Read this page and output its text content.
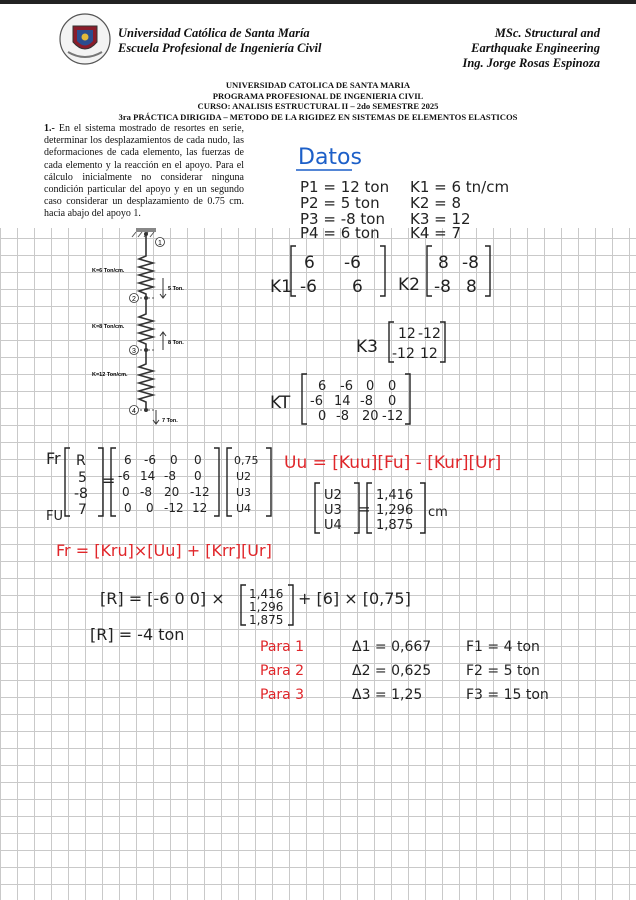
Universidad Católica de Santa María
Escuela Profesional de Ingeniería Civil
MSc. Structural and
Earthquake Engineering
Ing. Jorge Rosas Espinoza
UNIVERSIDAD CATOLICA DE SANTA MARIA
PROGRAMA PROFESIONAL DE INGENIERIA CIVIL
CURSO: ANALISIS ESTRUCTURAL II – 2do SEMESTRE 2025
3ra PRÁCTICA DIRIGIDA – METODO DE LA RIGIDEZ EN SISTEMAS DE ELEMENTOS ELASTICOS
1.- En el sistema mostrado de resortes en serie, determinar los desplazamientos de cada nudo, las deformaciones de cada elemento, las fuerzas de cada elemento y la reacción en el apoyo. Para el cálculo inicialmente no considerar ninguna condición particular del apoyo y en un segundo caso considerar un desplazamiento de 0.75 cm. hacia abajo del apoyo 1.
1
K=6 Ton/cm.
2
5 Ton.
K=8 Ton/cm.
3
8 Ton.
K=12 Ton/cm.
4
7 Ton.
Datos
P1 = 12 ton
P2 = 5 ton
P3 = -8 ton
P4 = 6 ton
K1 = 6 tn/cm
K2 = 8
K3 = 12
K4 = 7
K1
6 -6
-6 6 K2
8 -8
-8 8
K3
12 -12
-12 12
KT
6 -6 0 0
-6 14 -8 0
0 -8 20 -12
Fr
FU
R
5
-8
7
=
6 -6 0 0
-6 14 -8 0
0 -8 20 -12
0 0 -12 12
0,75
U2
U3
U4
Uu = [Kuu][Fu] - [Kur][Ur]
U2
U3
U4
=
1,416
1,296
1,875
cm
Fr = [Kru]×[Uu] + [Krr][Ur]
[R] = [-6 0 0] × 1,416
1,296
1,875
+ [6] × [0,75]
[R] = -4 ton
Para 1
Para 2
Para 3
Δ1 = 0,667
Δ2 = 0,625
Δ3 = 1,25
F1 = 4 ton
F2 = 5 ton
F3 = 15 ton
